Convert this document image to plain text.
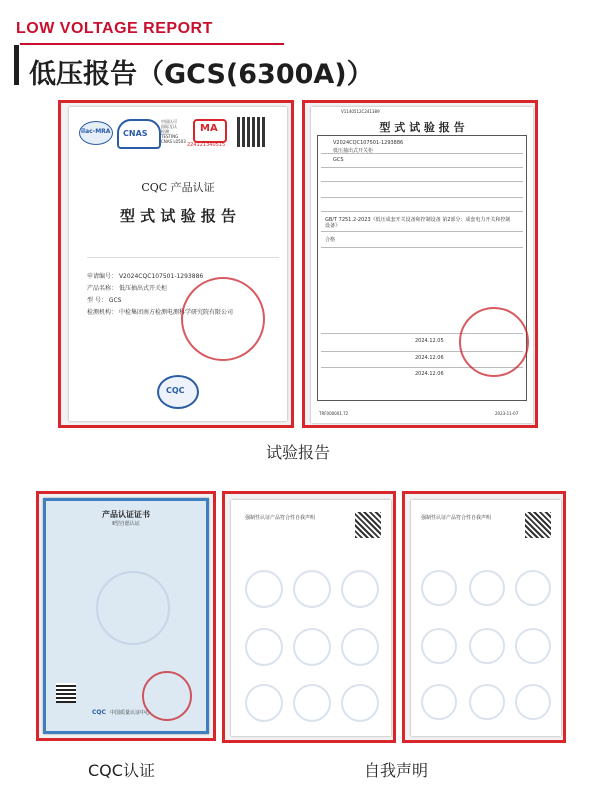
LOW VOLTAGE REPORT
低压报告（GCS(6300A)）
ilac-MRA CNAS
中国认可
国际互认
检测
TESTING
CNAS L0503
MA
224121340515
CQC 产品认证
型 式 试 验 报 告
申请编号： V2024CQC107501-1293886
产品名称： 低压抽出式开关柜
型 号： GCS
检测机构： 中检集团南方检测电测科学研究院有限公司
CQC
V1140512C241389
型 式 试 验 报 告
V2024CQC107501-1293886
低压抽出式开关柜
GCS
GB/T 7251.2-2023《低压成套开关设备和控制设备 第2部分：成套电力开关和控制设备》
合格
2024.12.05
2024.12.06
2024.12.06
TRF000001.72	2023-11-07
试验报告
产品认证证书
Ⅱ型自愿认证
CQC 中国质量认证中心
强制性认证产品符合性自我声明	强制性认证产品符合性自我声明
CQC认证	自我声明
